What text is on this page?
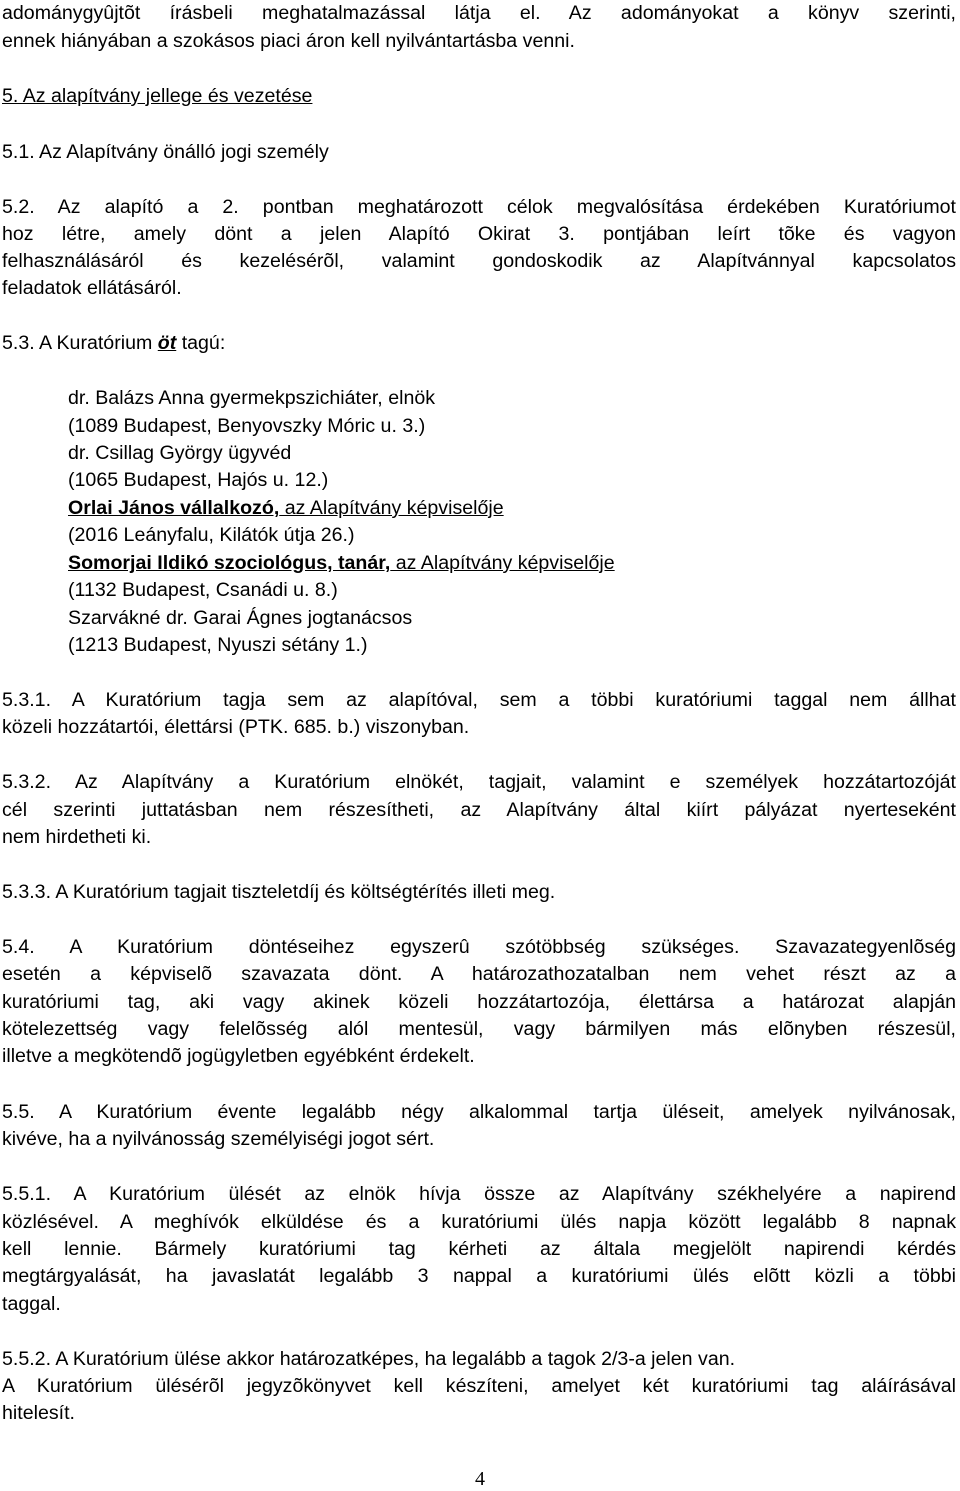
adománygyûjtõt írásbeli meghatalmazással látja el. Az adományokat a könyv szerinti,
ennek hiányában a szokásos piaci áron kell nyilvántartásba venni.
5. Az alapítvány jellege és vezetése
5.1. Az Alapítvány önálló jogi személy
5.2. Az alapító a 2. pontban meghatározott célok megvalósítása érdekében Kuratóriumot
hoz létre, amely dönt a jelen Alapító Okirat 3. pontjában leírt tõke és vagyon
felhasználásáról és kezelésérõl, valamint gondoskodik az Alapítvánnyal kapcsolatos
feladatok ellátásáról.
5.3. A Kuratórium öt tagú:
dr. Balázs Anna gyermekpszichiáter, elnök
(1089 Budapest, Benyovszky Móric u. 3.)
dr. Csillag György ügyvéd
(1065 Budapest, Hajós u. 12.)
Orlai János vállalkozó, az Alapítvány képviselője
(2016 Leányfalu, Kilátók útja 26.)
Somorjai Ildikó szociológus, tanár, az Alapítvány képviselője
(1132 Budapest, Csanádi u. 8.)
Szarvákné dr. Garai Ágnes jogtanácsos
(1213 Budapest, Nyuszi sétány 1.)
5.3.1. A Kuratórium tagja sem az alapítóval, sem a többi kuratóriumi taggal nem állhat
közeli hozzátartói, élettársi (PTK. 685. b.) viszonyban.
5.3.2. Az Alapítvány a Kuratórium elnökét, tagjait, valamint e személyek hozzátartozóját
cél szerinti juttatásban nem részesítheti, az Alapítvány által kiírt pályázat nyerteseként
nem hirdetheti ki.
5.3.3. A Kuratórium tagjait tiszteletdíj és költségtérítés illeti meg.
5.4. A Kuratórium döntéseihez egyszerû szótöbbség szükséges. Szavazategyenlõség
esetén a képviselõ szavazata dönt. A határozathozatalban nem vehet részt az a
kuratóriumi tag, aki vagy akinek közeli hozzátartozója, élettársa a határozat alapján
kötelezettség vagy felelõsség alól mentesül, vagy bármilyen más elõnyben részesül,
illetve a megkötendõ jogügyletben egyébként érdekelt.
5.5. A Kuratórium évente legalább négy alkalommal tartja üléseit, amelyek nyilvánosak,
kivéve, ha a nyilvánosság személyiségi jogot sért.
5.5.1. A Kuratórium ülését az elnök hívja össze az Alapítvány székhelyére a napirend
közlésével. A meghívók elküldése és a kuratóriumi ülés napja között legalább 8 napnak
kell lennie. Bármely kuratóriumi tag kérheti az általa megjelölt napirendi kérdés
megtárgyalását, ha javaslatát legalább 3 nappal a kuratóriumi ülés elõtt közli a többi
taggal.
5.5.2. A Kuratórium ülése akkor határozatképes, ha legalább a tagok 2/3-a jelen van.
A Kuratórium ülésérõl jegyzõkönyvet kell készíteni, amelyet két kuratóriumi tag aláírásával
hitelesít.
4
